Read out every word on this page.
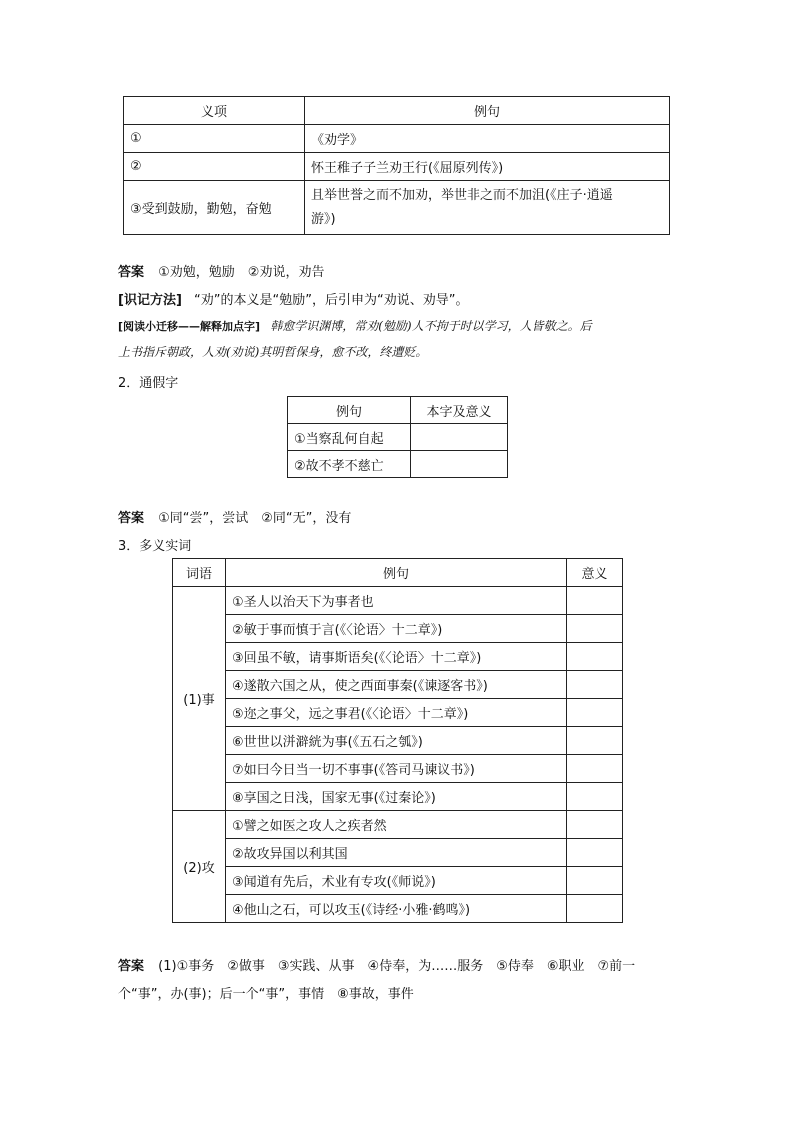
义项	例句
①	《劝学》
②	怀王稚子子兰劝王行(《屈原列传》)
③受到鼓励，勤勉，奋勉	且举世誉之而不加劝，举世非之而不加沮(《庄子·逍遥
游》)
答案 ①劝勉，勉励　②劝说，劝告
[识记方法] “劝”的本义是“勉励”，后引申为“劝说、劝导”。
[阅读小迁移——解释加点字] 韩愈学识渊博，常劝(勉励)人不拘于时以学习，人皆敬之。后
上书指斥朝政，人劝(劝说)其明哲保身，愈不改，终遭贬。
2．通假字
例句	本字及意义
①当察乱何自起	
②故不孝不慈亡	
答案 ①同“尝”，尝试　②同“无”，没有
3．多义实词
词语	例句	意义
(1)事	①圣人以治天下为事者也	
	②敏于事而慎于言(《〈论语〉十二章》)	
	③回虽不敏，请事斯语矣(《〈论语〉十二章》)	
	④遂散六国之从，使之西面事秦(《谏逐客书》)	
	⑤迩之事父，远之事君(《〈论语〉十二章》)	
	⑥世世以洴澼絖为事(《五石之瓠》)	
	⑦如曰今日当一切不事事(《答司马谏议书》)	
	⑧享国之日浅，国家无事(《过秦论》)	
(2)攻	①譬之如医之攻人之疾者然	
	②故攻异国以利其国	
	③闻道有先后，术业有专攻(《师说》)	
	④他山之石，可以攻玉(《诗经·小雅·鹤鸣》)	
答案 (1)①事务　②做事　③实践、从事　④侍奉，为……服务　⑤侍奉　⑥职业　⑦前一
个“事”，办(事)；后一个“事”，事情　⑧事故，事件
